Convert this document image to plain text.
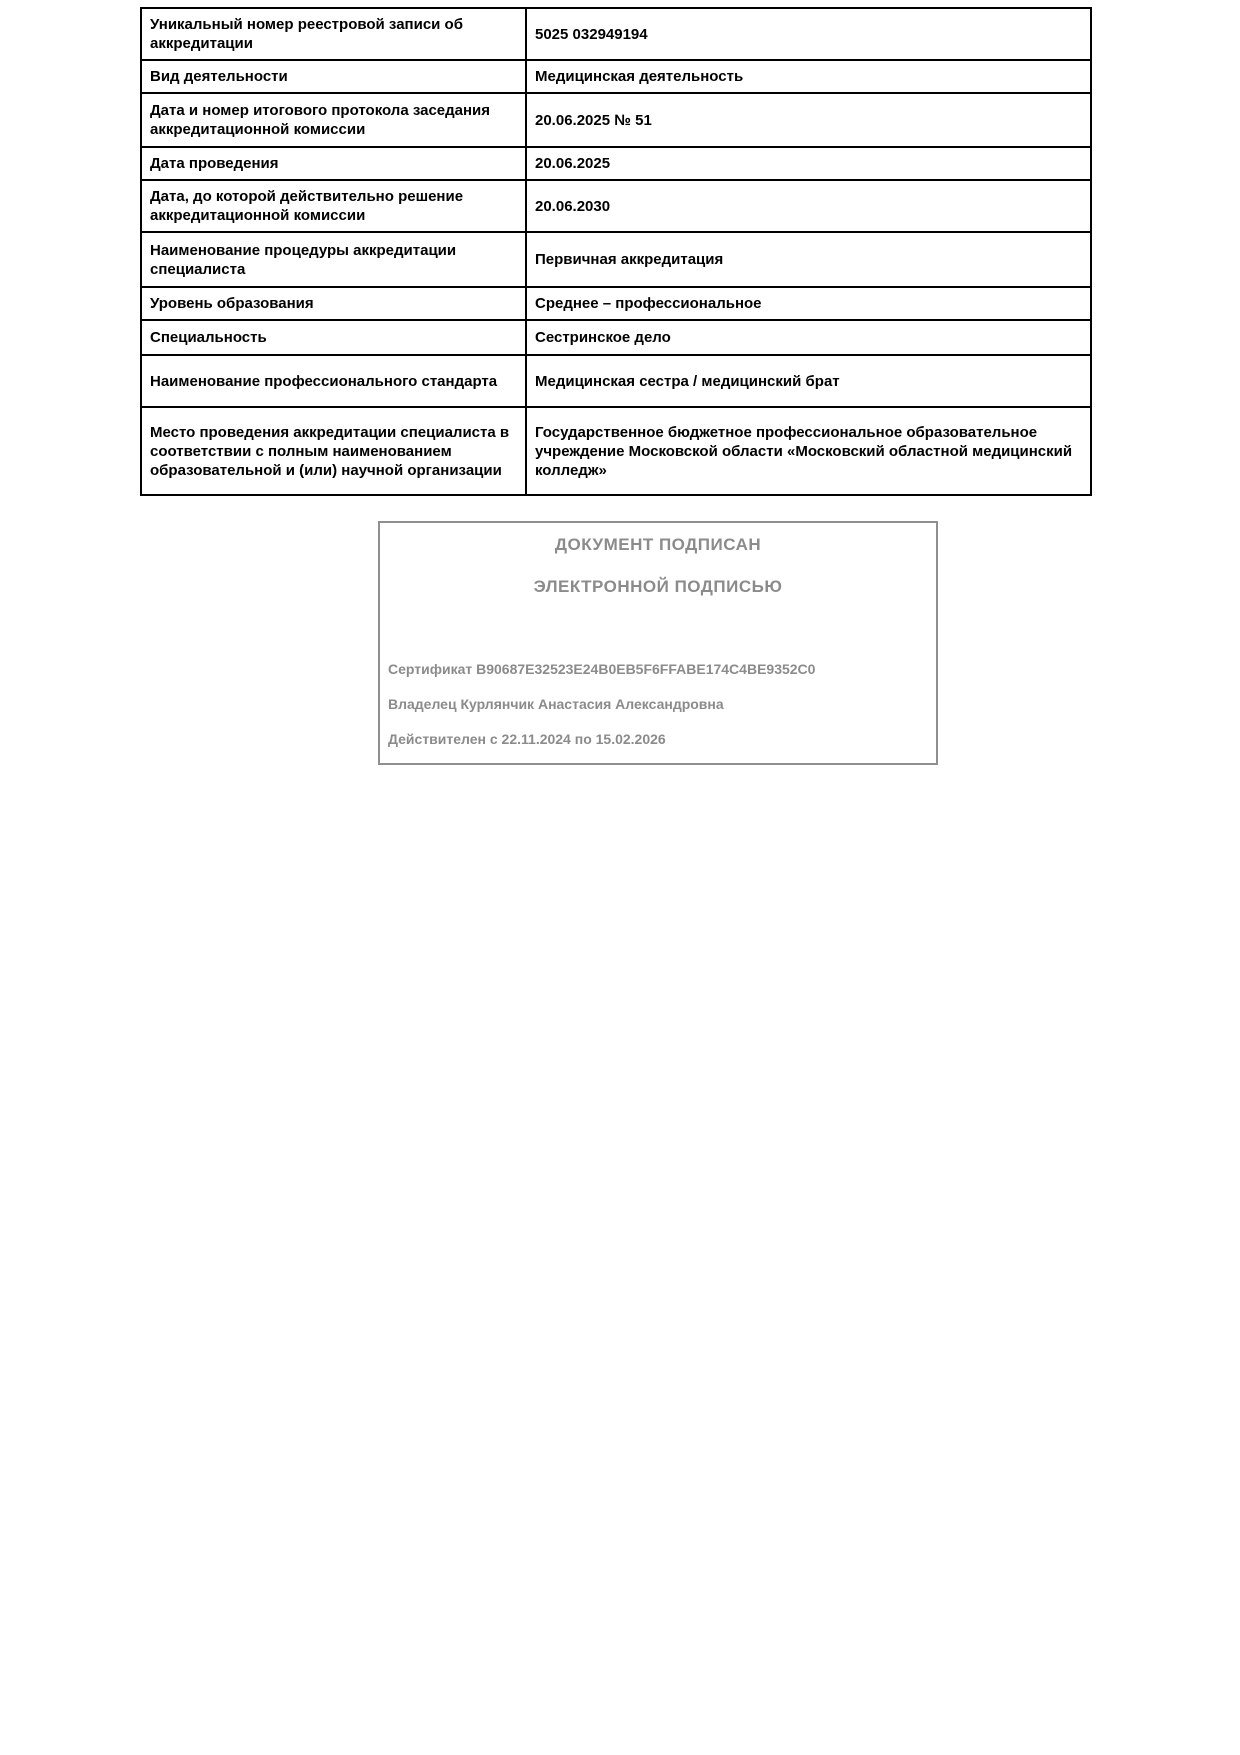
Уникальный номер реестровой записи об аккредитации	5025 032949194
Вид деятельности	Медицинская деятельность
Дата и номер итогового протокола заседания аккредитационной комиссии	20.06.2025 № 51
Дата проведения	20.06.2025
Дата, до которой действительно решение аккредитационной комиссии	20.06.2030
Наименование процедуры аккредитации специалиста	Первичная аккредитация
Уровень образования	Среднее – профессиональное
Специальность	Сестринское дело
Наименование профессионального стандарта	Медицинская сестра / медицинский брат
Место проведения аккредитации специалиста в соответствии с полным наименованием образовательной и (или) научной организации	Государственное бюджетное профессиональное образовательное учреждение Московской области «Московский областной медицинский колледж»
ДОКУМЕНТ ПОДПИСАН
ЭЛЕКТРОННОЙ ПОДПИСЬЮ
Сертификат B90687E32523E24B0EB5F6FFABE174C4BE9352C0
Владелец Курлянчик Анастасия Александровна
Действителен с 22.11.2024 по 15.02.2026
